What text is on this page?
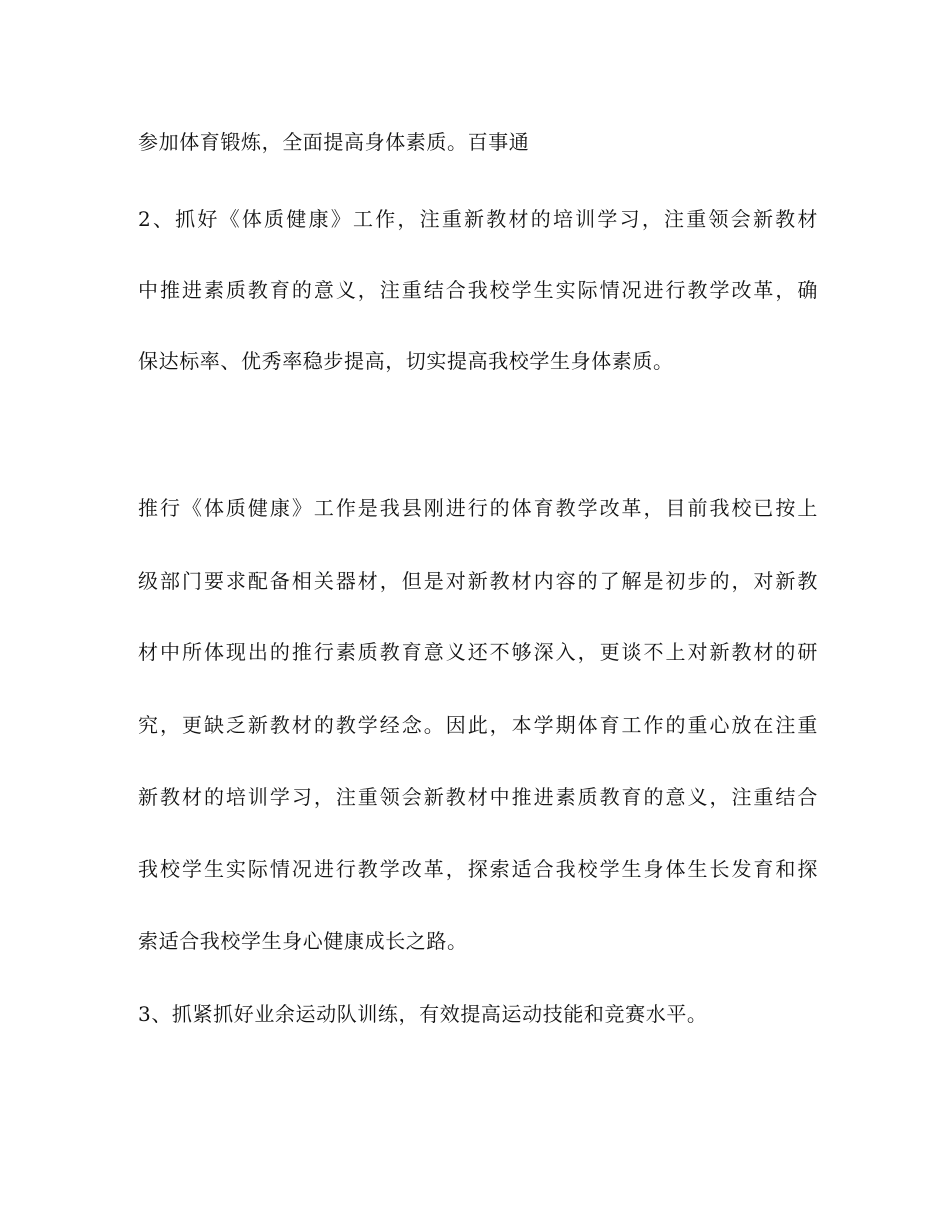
参加体育锻炼，全面提高身体素质。百事通
2、抓好《体质健康》工作，注重新教材的培训学习，注重领会新教材
中推进素质教育的意义，注重结合我校学生实际情况进行教学改革，确
保达标率、优秀率稳步提高，切实提高我校学生身体素质。
推行《体质健康》工作是我县刚进行的体育教学改革，目前我校已按上
级部门要求配备相关器材，但是对新教材内容的了解是初步的，对新教
材中所体现出的推行素质教育意义还不够深入，更谈不上对新教材的研
究，更缺乏新教材的教学经念。因此，本学期体育工作的重心放在注重
新教材的培训学习，注重领会新教材中推进素质教育的意义，注重结合
我校学生实际情况进行教学改革，探索适合我校学生身体生长发育和探
索适合我校学生身心健康成长之路。
3、抓紧抓好业余运动队训练，有效提高运动技能和竞赛水平。
